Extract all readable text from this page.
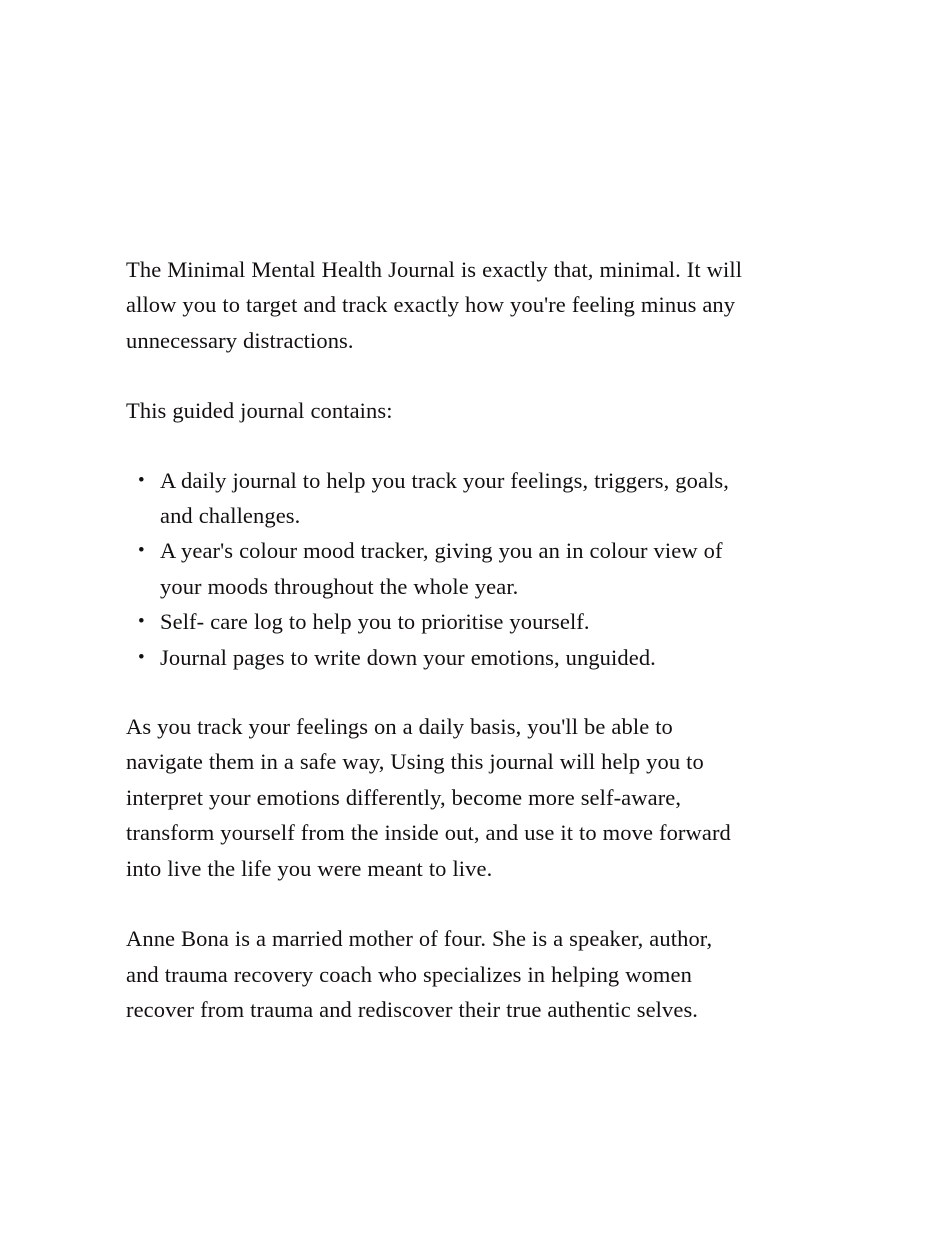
The Minimal Mental Health Journal is exactly that, minimal. It will allow you to target and track exactly how you're feeling minus any unnecessary distractions.

This guided journal contains:

• A daily journal to help you track your feelings, triggers, goals, and challenges.
• A year's colour mood tracker, giving you an in colour view of your moods throughout the whole year.
• Self- care log to help you to prioritise yourself.
• Journal pages to write down your emotions, unguided.

As you track your feelings on a daily basis, you'll be able to navigate them in a safe way, Using this journal will help you to interpret your emotions differently, become more self-aware, transform yourself from the inside out, and use it to move forward into live the life you were meant to live.

Anne Bona is a married mother of four. She is a speaker, author, and trauma recovery coach who specializes in helping women recover from trauma and rediscover their true authentic selves.
